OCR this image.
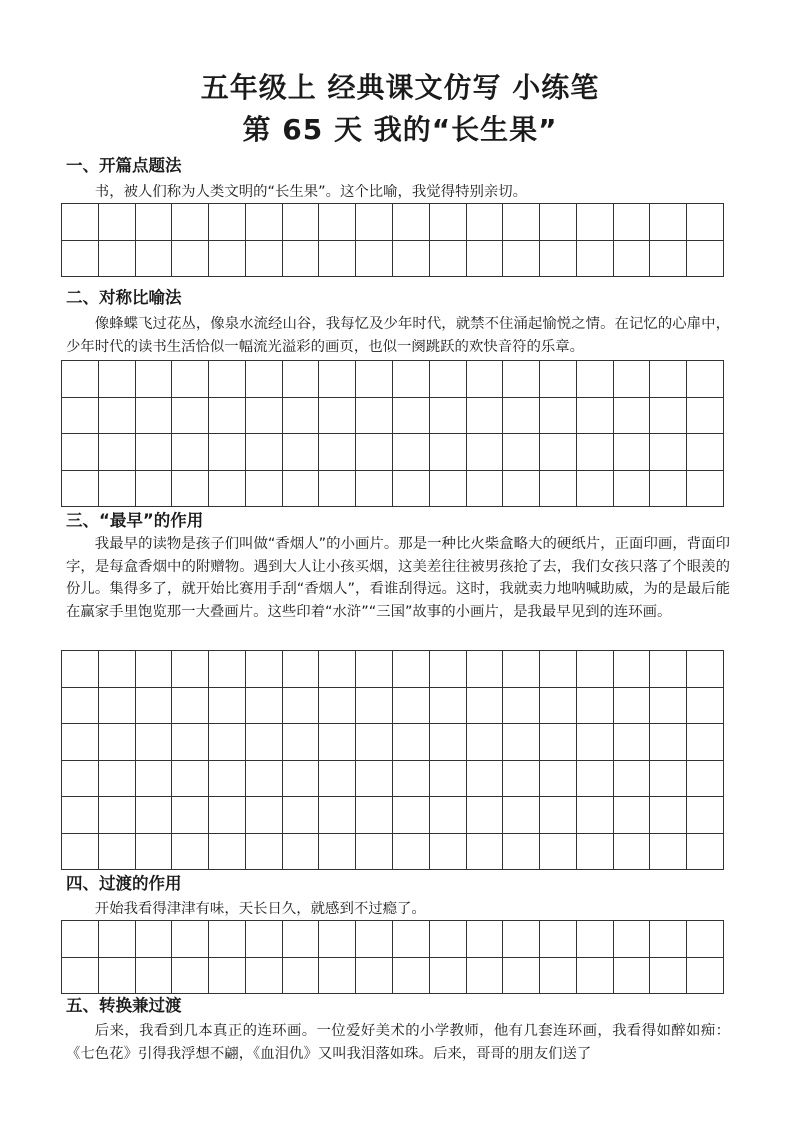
五年级上 经典课文仿写 小练笔
第 65 天 我的“长生果”
一、开篇点题法
书，被人们称为人类文明的“长生果”。这个比喻，我觉得特别亲切。
二、对称比喻法
像蜂蝶飞过花丛，像泉水流经山谷，我每忆及少年时代，就禁不住涌起愉悦之情。在记忆的心扉中，少年时代的读书生活恰似一幅流光溢彩的画页，也似一阕跳跃的欢快音符的乐章。
三、“最早”的作用
我最早的读物是孩子们叫做“香烟人”的小画片。那是一种比火柴盒略大的硬纸片，正面印画，背面印字，是每盒香烟中的附赠物。遇到大人让小孩买烟，这美差往往被男孩抢了去，我们女孩只落了个眼羡的份儿。集得多了，就开始比赛用手刮“香烟人”，看谁刮得远。这时，我就卖力地呐喊助威，为的是最后能在赢家手里饱览那一大叠画片。这些印着“水浒”“三国”故事的小画片，是我最早见到的连环画。
四、过渡的作用
开始我看得津津有味，天长日久，就感到不过瘾了。
五、转换兼过渡
后来，我看到几本真正的连环画。一位爱好美术的小学教师，他有几套连环画，我看得如醉如痴：《七色花》引得我浮想不翩，《血泪仇》又叫我泪落如珠。后来，哥哥的朋友们送了
